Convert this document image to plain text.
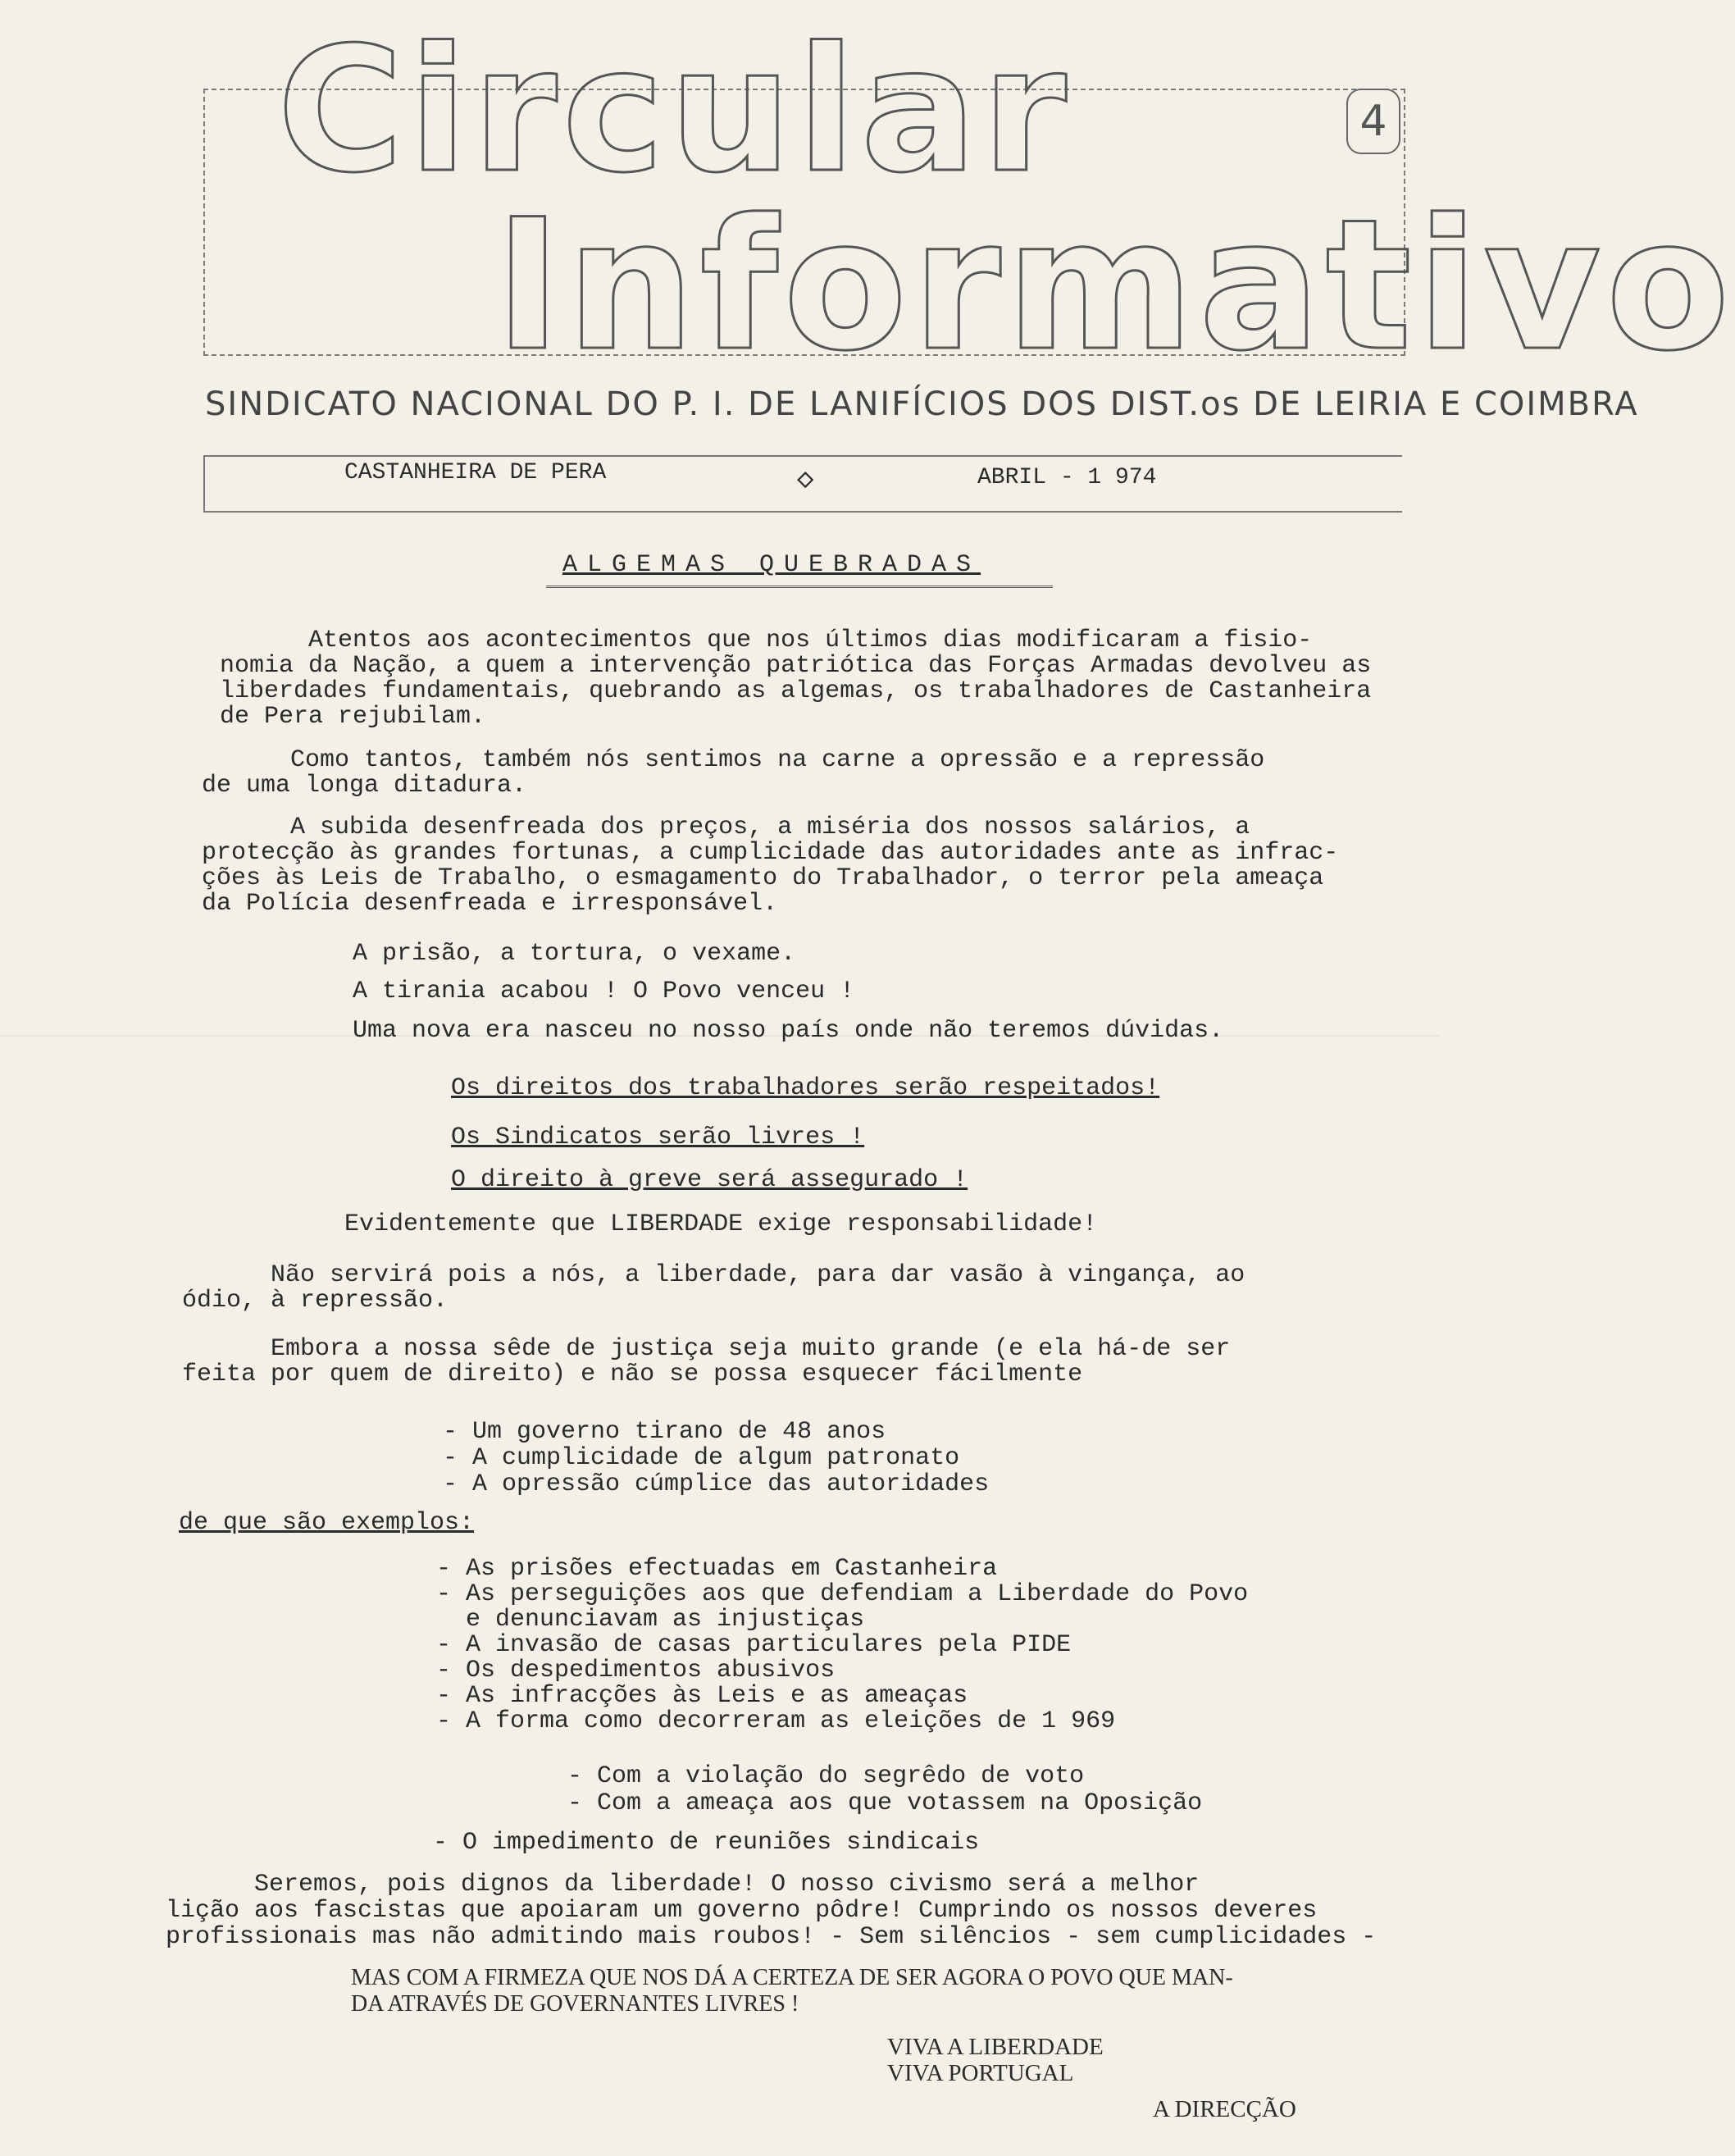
Circular
Informativo
4
SINDICATO NACIONAL DO P. I. DE LANIFÍCIOS DOS DIST.os DE LEIRIA E COIMBRA
CASTANHEIRA DE PERA	◇	ABRIL - 1 974
ALGEMAS QUEBRADAS
Atentos aos acontecimentos que nos últimos dias modificaram a fisio-
nomia da Nação, a quem a intervenção patriótica das Forças Armadas devolveu as
liberdades fundamentais, quebrando as algemas, os trabalhadores de Castanheira
de Pera rejubilam.
Como tantos, também nós sentimos na carne a opressão e a repressão
de uma longa ditadura.
A subida desenfreada dos preços, a miséria dos nossos salários, a
protecção às grandes fortunas, a cumplicidade das autoridades ante as infrac-
ções às Leis de Trabalho, o esmagamento do Trabalhador, o terror pela ameaça
da Polícia desenfreada e irresponsável.
A prisão, a tortura, o vexame.
A tirania acabou ! O Povo venceu !
Uma nova era nasceu no nosso país onde não teremos dúvidas.
Os direitos dos trabalhadores serão respeitados!
Os Sindicatos serão livres !
O direito à greve será assegurado !
Evidentemente que LIBERDADE exige responsabilidade!
Não servirá pois a nós, a liberdade, para dar vasão à vingança, ao
ódio, à repressão.
Embora a nossa sêde de justiça seja muito grande (e ela há-de ser
feita por quem de direito) e não se possa esquecer fácilmente
- Um governo tirano de 48 anos
- A cumplicidade de algum patronato
- A opressão cúmplice das autoridades
de que são exemplos:
- As prisões efectuadas em Castanheira
- As perseguições aos que defendiam a Liberdade do Povo
e denunciavam as injustiças
- A invasão de casas particulares pela PIDE
- Os despedimentos abusivos
- As infracções às Leis e as ameaças
- A forma como decorreram as eleições de 1 969
- Com a violação do segrêdo de voto
- Com a ameaça aos que votassem na Oposição
- O impedimento de reuniões sindicais
Seremos, pois dignos da liberdade! O nosso civismo será a melhor
lição aos fascistas que apoiaram um governo pôdre! Cumprindo os nossos deveres
profissionais mas não admitindo mais roubos! - Sem silêncios - sem cumplicidades -
MAS COM A FIRMEZA QUE NOS DÁ A CERTEZA DE SER AGORA O POVO QUE MAN-
DA ATRAVÉS DE GOVERNANTES LIVRES !
VIVA A LIBERDADE
VIVA PORTUGAL
A DIRECÇÃO
